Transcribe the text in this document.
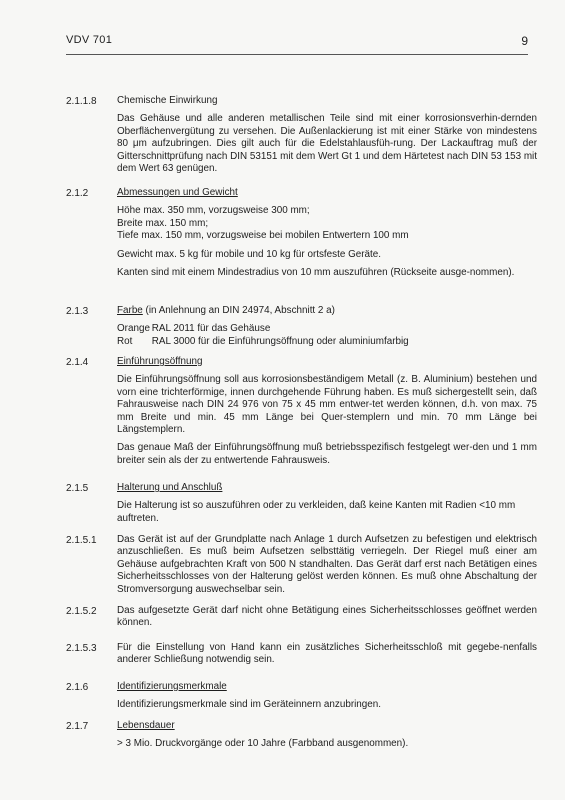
VDV 701	9
2.1.1.8 Chemische Einwirkung

Das Gehäuse und alle anderen metallischen Teile sind mit einer korrosionsverhin-dernden Oberflächenvergütung zu versehen. Die Außenlackierung ist mit einer Stärke von mindestens 80 μm aufzubringen. Dies gilt auch für die Edelstahlausfüh-rung. Der Lackauftrag muß der Gitterschnittprüfung nach DIN 53151 mit dem Wert Gt 1 und dem Härtetest nach DIN 53 153 mit dem Wert 63 genügen.

2.1.2	Abmessungen und Gewicht

Höhe max. 350 mm, vorzugsweise 300 mm;

Breite max. 150 mm;

Tiefe max. 150 mm, vorzugsweise bei mobilen Entwertern 100 mm

Gewicht max. 5 kg für mobile und 10 kg für ortsfeste Geräte.

Kanten sind mit einem Mindestradius von 10 mm auszuführen (Rückseite ausge-nommen).

2.1.3	Farbe (in Anlehnung an DIN 24974, Abschnitt 2 a)

Orange RAL 2011 für das Gehäuse

Rot RAL 3000 für die Einführungsöffnung oder aluminiumfarbig

2.1.4	Einführungsöffnung

Die Einführungsöffnung soll aus korrosionsbeständigem Metall (z. B. Aluminium) bestehen und vorn eine trichterförmige, innen durchgehende Führung haben. Es muß sichergestellt sein, daß Fahrausweise nach DIN 24 976 von 75 x 45 mm entwer-tet werden können, d.h. von max. 75 mm Breite und min. 45 mm Länge bei Quer-stemplern und min. 70 mm Länge bei Längstemplern.

Das genaue Maß der Einführungsöffnung muß betriebsspezifisch festgelegt wer-den und 1 mm breiter sein als der zu entwertende Fahrausweis.

2.1.5	Halterung und Anschluß

Die Halterung ist so auszuführen oder zu verkleiden, daß keine Kanten mit Radien <10 mm auftreten.

2.1.5.1 Das Gerät ist auf der Grundplatte nach Anlage 1 durch Aufsetzen zu befestigen und elektrisch anzuschließen. Es muß beim Aufsetzen selbsttätig verriegeln. Der Riegel muß einer am Gehäuse aufgebrachten Kraft von 500 N standhalten. Das Gerät darf erst nach Betätigen eines Sicherheitsschlosses von der Halterung gelöst werden können. Es muß ohne Abschaltung der Stromversorgung auswechselbar sein.
2.1.5.2 Das aufgesetzte Gerät darf nicht ohne Betätigung eines Sicherheitsschlosses geöffnet werden können.
2.1.5.3 Für die Einstellung von Hand kann ein zusätzliches Sicherheitsschloß mit gegebe-nenfalls anderer Schließung notwendig sein.
2.1.6	Identifizierungsmerkmale

Identifizierungsmerkmale sind im Geräteinnern anzubringen.

2.1.7	Lebensdauer

> 3 Mio. Druckvorgänge oder 10 Jahre (Farbband ausgenommen).
